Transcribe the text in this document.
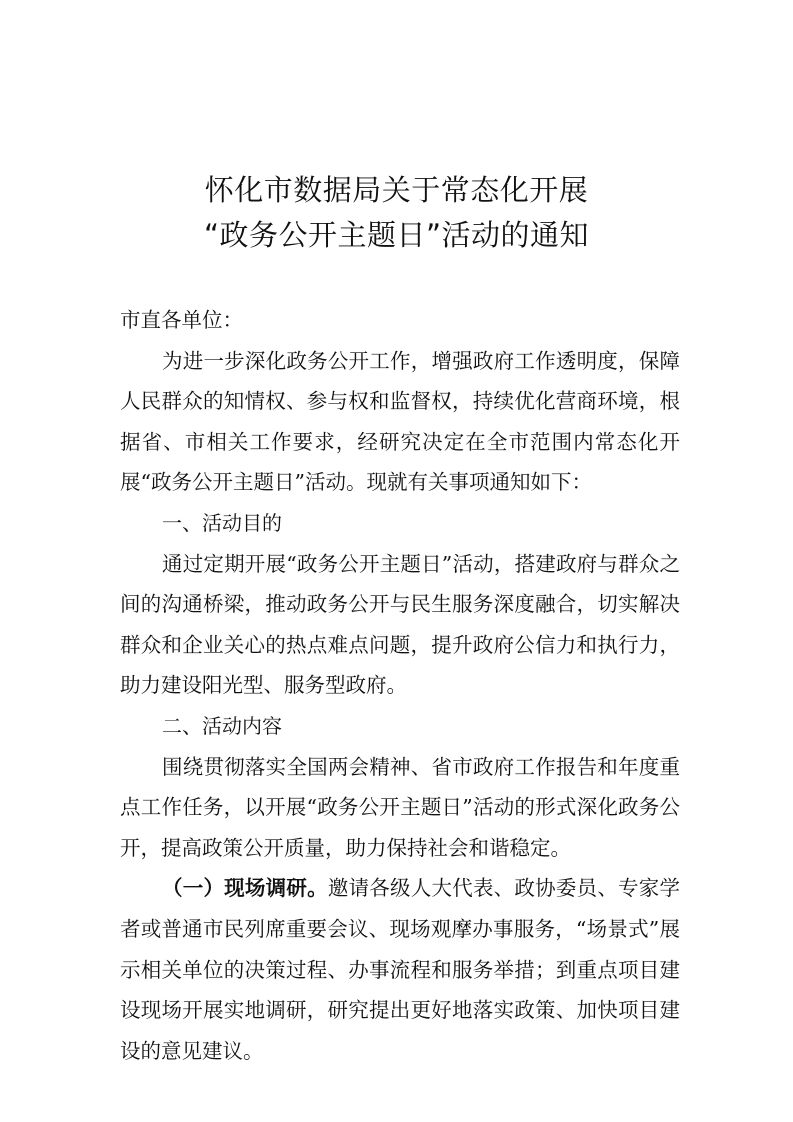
怀化市数据局关于常态化开展
“政务公开主题日”活动的通知

市直各单位：

为进一步深化政务公开工作，增强政府工作透明度，保障人民群众的知情权、参与权和监督权，持续优化营商环境，根据省、市相关工作要求，经研究决定在全市范围内常态化开展“政务公开主题日”活动。现就有关事项通知如下：

一、活动目的

通过定期开展“政务公开主题日”活动，搭建政府与群众之间的沟通桥梁，推动政务公开与民生服务深度融合，切实解决群众和企业关心的热点难点问题，提升政府公信力和执行力，助力建设阳光型、服务型政府。

二、活动内容

围绕贯彻落实全国两会精神、省市政府工作报告和年度重点工作任务，以开展“政务公开主题日”活动的形式深化政务公开，提高政策公开质量，助力保持社会和谐稳定。

（一）现场调研。邀请各级人大代表、政协委员、专家学者或普通市民列席重要会议、现场观摩办事服务，“场景式”展示相关单位的决策过程、办事流程和服务举措；到重点项目建设现场开展实地调研，研究提出更好地落实政策、加快项目建设的意见建议。
